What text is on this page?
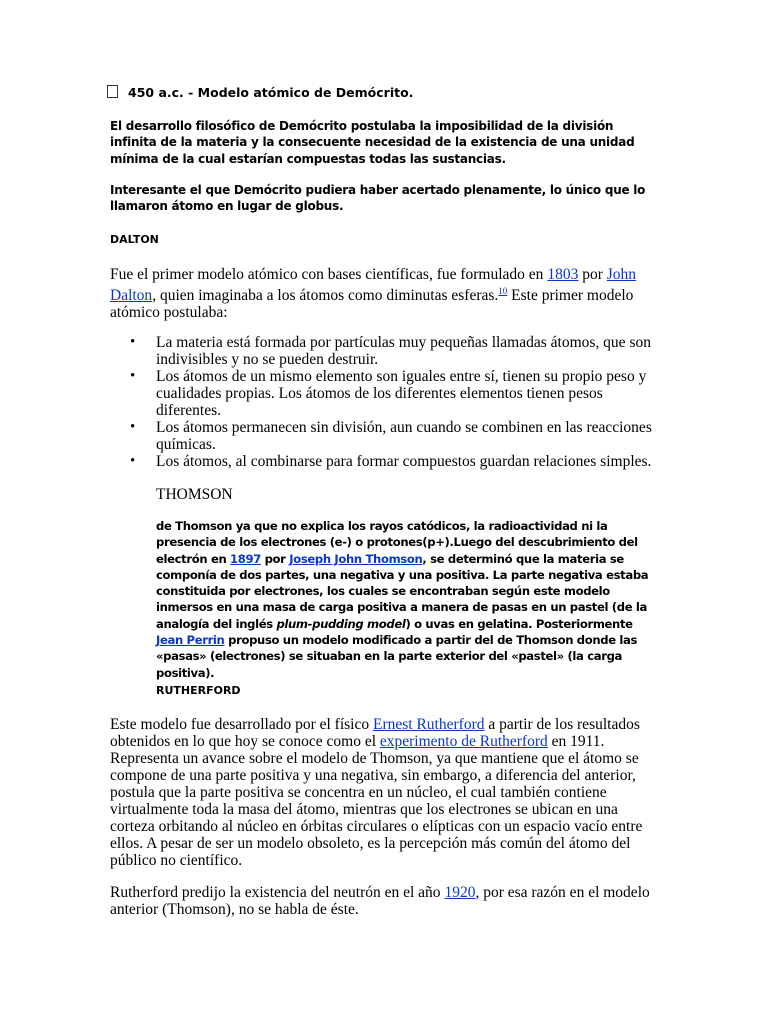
450 a.c. - Modelo atómico de Demócrito.
El desarrollo filosófico de Demócrito postulaba la imposibilidad de la división infinita de la materia y la consecuente necesidad de la existencia de una unidad mínima de la cual estarían compuestas todas las sustancias.
Interesante el que Demócrito pudiera haber acertado plenamente, lo único que lo llamaron átomo en lugar de globus.
DALTON
Fue el primer modelo atómico con bases científicas, fue formulado en 1803 por John Dalton, quien imaginaba a los átomos como diminutas esferas.$^{10}$ Este primer modelo atómico postulaba:
• La materia está formada por partículas muy pequeñas llamadas átomos, que son indivisibles y no se pueden destruir.
• Los átomos de un mismo elemento son iguales entre sí, tienen su propio peso y cualidades propias. Los átomos de los diferentes elementos tienen pesos diferentes.
• Los átomos permanecen sin división, aun cuando se combinen en las reacciones químicas.
• Los átomos, al combinarse para formar compuestos guardan relaciones simples.
THOMSON
de Thomson ya que no explica los rayos catódicos, la radioactividad ni la presencia de los electrones (e-) o protones(p+).Luego del descubrimiento del electrón en 1897 por Joseph John Thomson, se determinó que la materia se componía de dos partes, una negativa y una positiva. La parte negativa estaba constituida por electrones, los cuales se encontraban según este modelo inmersos en una masa de carga positiva a manera de pasas en un pastel (de la analogía del inglés plum-pudding model) o uvas en gelatina. Posteriormente Jean Perrin propuso un modelo modificado a partir del de Thomson donde las «pasas» (electrones) se situaban en la parte exterior del «pastel» (la carga positiva).
RUTHERFORD
Este modelo fue desarrollado por el físico Ernest Rutherford a partir de los resultados obtenidos en lo que hoy se conoce como el experimento de Rutherford en 1911. Representa un avance sobre el modelo de Thomson, ya que mantiene que el átomo se compone de una parte positiva y una negativa, sin embargo, a diferencia del anterior, postula que la parte positiva se concentra en un núcleo, el cual también contiene virtualmente toda la masa del átomo, mientras que los electrones se ubican en una corteza orbitando al núcleo en órbitas circulares o elípticas con un espacio vacío entre ellos. A pesar de ser un modelo obsoleto, es la percepción más común del átomo del público no científico.
Rutherford predijo la existencia del neutrón en el año 1920, por esa razón en el modelo anterior (Thomson), no se habla de éste.
